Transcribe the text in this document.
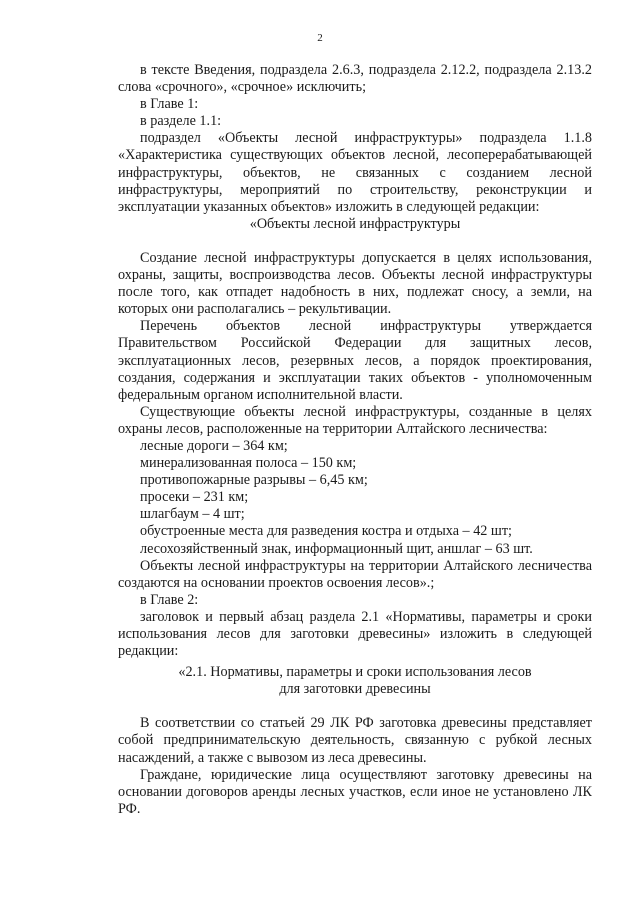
2

в тексте Введения, подраздела 2.6.3, подраздела 2.12.2, подраздела 2.13.2 слова «срочного», «срочное» исключить;

в Главе 1:

в разделе 1.1:

подраздел «Объекты лесной инфраструктуры» подраздела 1.1.8 «Характеристика существующих объектов лесной, лесоперерабатывающей инфраструктуры, объектов, не связанных с созданием лесной инфраструктуры, мероприятий по строительству, реконструкции и эксплуатации указанных объектов» изложить в следующей редакции:

«Объекты лесной инфраструктуры

Создание лесной инфраструктуры допускается в целях использования, охраны, защиты, воспроизводства лесов. Объекты лесной инфраструктуры после того, как отпадет надобность в них, подлежат сносу, а земли, на которых они располагались – рекультивации.

Перечень объектов лесной инфраструктуры утверждается Правительством Российской Федерации для защитных лесов, эксплуатационных лесов, резервных лесов, а порядок проектирования, создания, содержания и эксплуатации таких объектов - уполномоченным федеральным органом исполнительной власти.

Существующие объекты лесной инфраструктуры, созданные в целях охраны лесов, расположенные на территории Алтайского лесничества:

лесные дороги – 364 км;

минерализованная полоса – 150 км;

противопожарные разрывы – 6,45 км;

просеки – 231 км;

шлагбаум – 4 шт;

обустроенные места для разведения костра и отдыха – 42 шт;

лесохозяйственный знак, информационный щит, аншлаг – 63 шт.

Объекты лесной инфраструктуры на территории Алтайского лесничества создаются на основании проектов освоения лесов».;

в Главе 2:

заголовок и первый абзац раздела 2.1 «Нормативы, параметры и сроки использования лесов для заготовки древесины» изложить в следующей редакции:

«2.1. Нормативы, параметры и сроки использования лесов

для заготовки древесины

В соответствии со статьей 29 ЛК РФ заготовка древесины представляет собой предпринимательскую деятельность, связанную с рубкой лесных насаждений, а также с вывозом из леса древесины.

Граждане, юридические лица осуществляют заготовку древесины на основании договоров аренды лесных участков, если иное не установлено ЛК РФ.
